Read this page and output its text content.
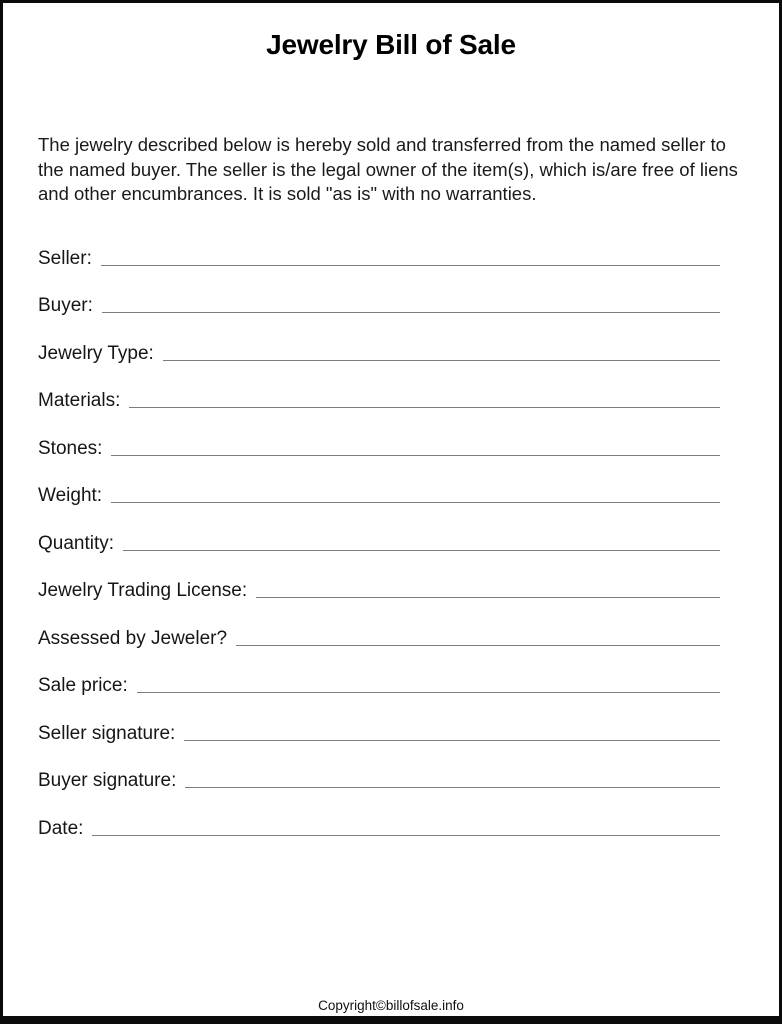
Jewelry Bill of Sale

The jewelry described below is hereby sold and transferred from the named seller to the named buyer. The seller is the legal owner of the item(s), which is/are free of liens and other encumbrances. It is sold "as is" with no warranties.

Seller:
Buyer:
Jewelry Type:
Materials:
Stones:
Weight:
Quantity:
Jewelry Trading License:
Assessed by Jeweler?
Sale price:
Seller signature:
Buyer signature:
Date:
Copyright©billofsale.info
